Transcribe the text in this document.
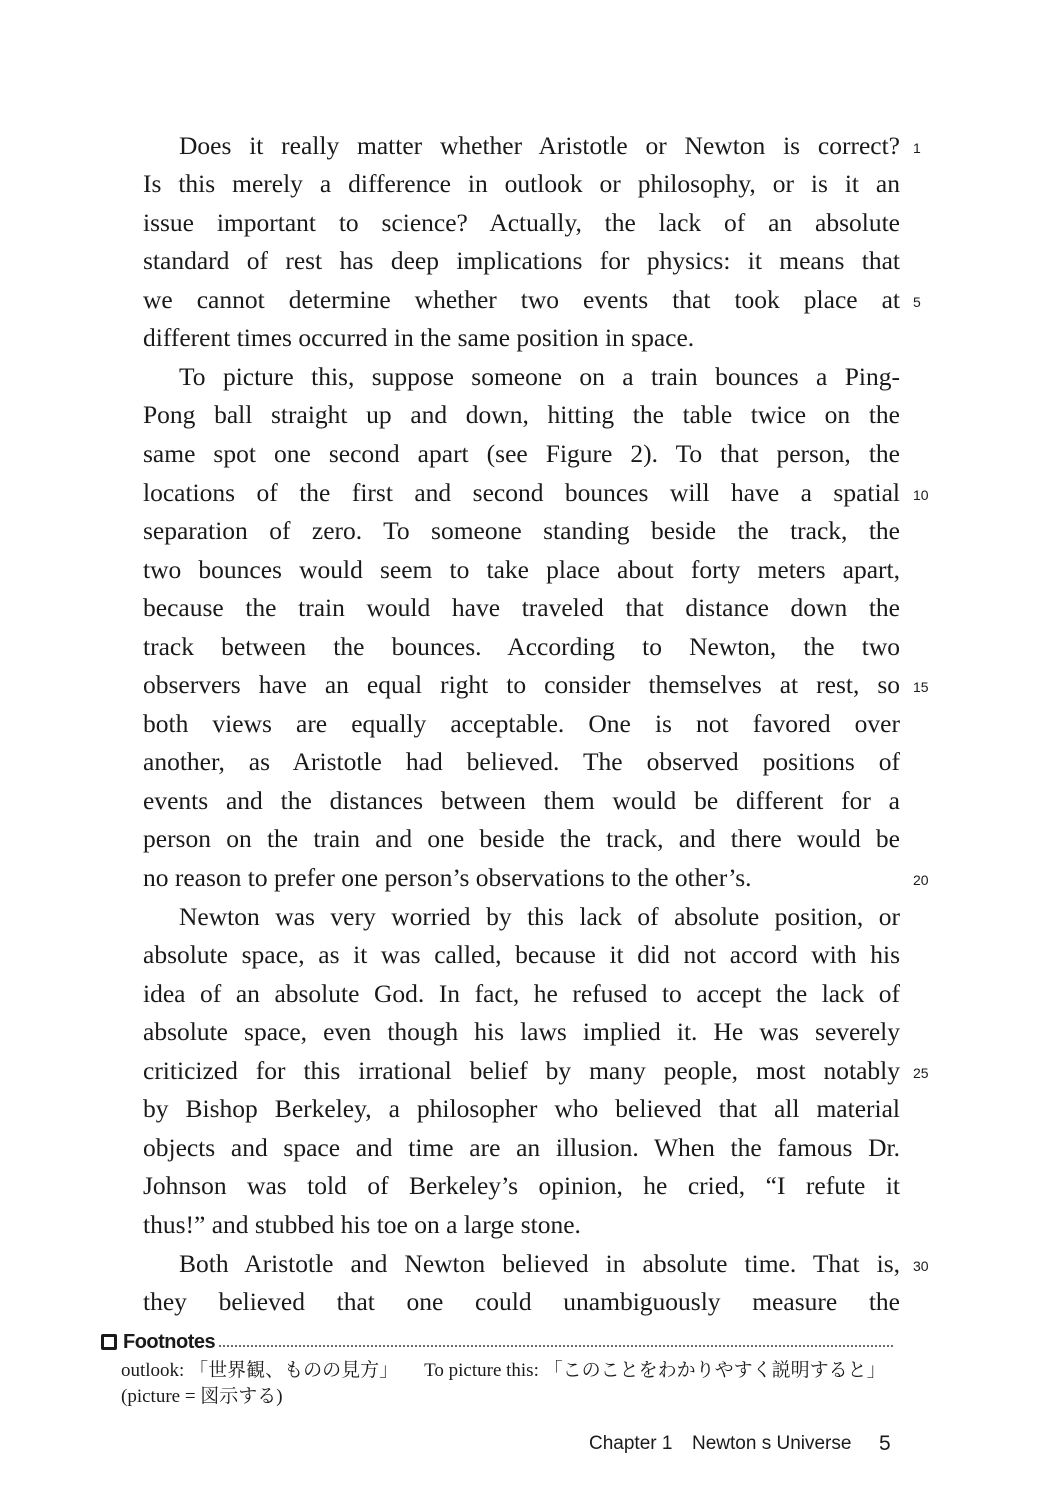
Does it really matter whether Aristotle or Newton is correct?
Is this merely a difference in outlook or philosophy, or is it an
issue important to science? Actually, the lack of an absolute
standard of rest has deep implications for physics: it means that
we cannot determine whether two events that took place at
different times occurred in the same position in space.
To picture this, suppose someone on a train bounces a Ping-
Pong ball straight up and down, hitting the table twice on the
same spot one second apart (see Figure 2). To that person, the
locations of the first and second bounces will have a spatial
separation of zero. To someone standing beside the track, the
two bounces would seem to take place about forty meters apart,
because the train would have traveled that distance down the
track between the bounces. According to Newton, the two
observers have an equal right to consider themselves at rest, so
both views are equally acceptable. One is not favored over
another, as Aristotle had believed. The observed positions of
events and the distances between them would be different for a
person on the train and one beside the track, and there would be
no reason to prefer one person’s observations to the other’s.
Newton was very worried by this lack of absolute position, or
absolute space, as it was called, because it did not accord with his
idea of an absolute God. In fact, he refused to accept the lack of
absolute space, even though his laws implied it. He was severely
criticized for this irrational belief by many people, most notably
by Bishop Berkeley, a philosopher who believed that all material
objects and space and time are an illusion. When the famous Dr.
Johnson was told of Berkeley’s opinion, he cried, “I refute it
thus!” and stubbed his toe on a large stone.
Both Aristotle and Newton believed in absolute time. That is,
they believed that one could unambiguously measure the
1
5
10
15
20
25
30
Footnotes
outlook: 「世界観、ものの見方」 To picture this: 「このことをわかりやすく説明すると」
(picture = 図示する)
Chapter 1 Newton s Universe 5
